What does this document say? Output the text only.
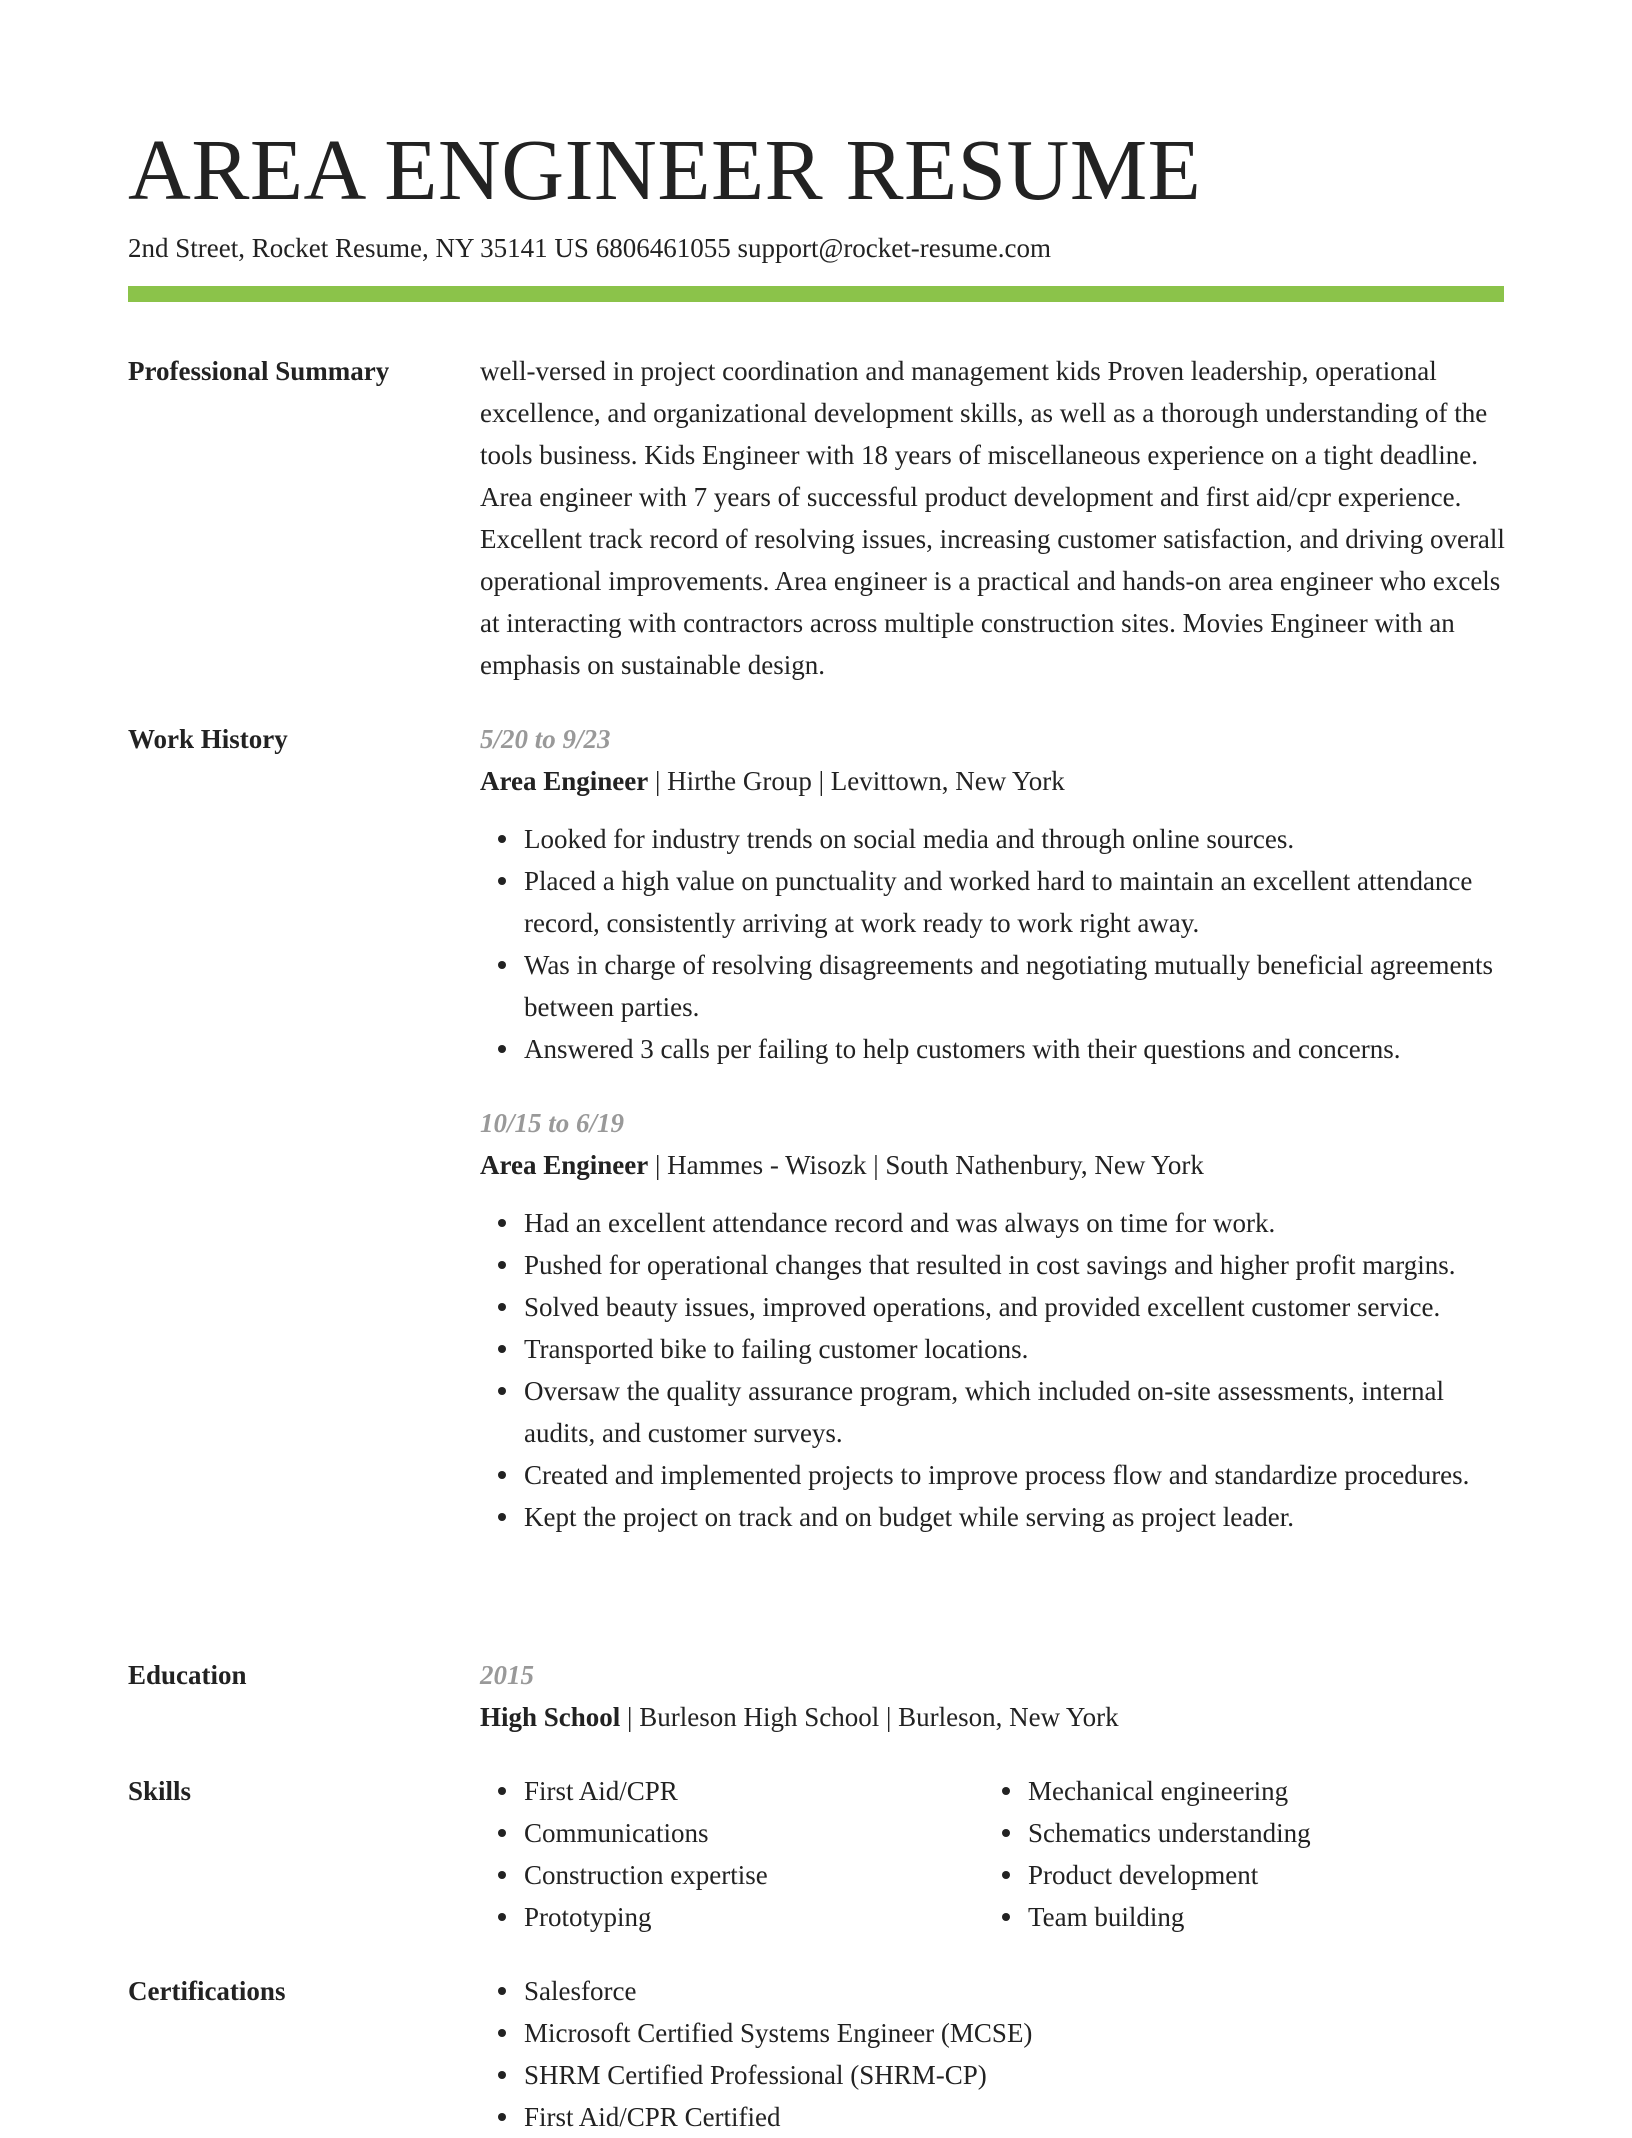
AREA ENGINEER RESUME
2nd Street, Rocket Resume, NY 35141 US 6806461055 support@rocket-resume.com
Professional Summary	well-versed in project coordination and management kids Proven leadership, operational excellence, and organizational development skills, as well as a thorough understanding of the tools business. Kids Engineer with 18 years of miscellaneous experience on a tight deadline. Area engineer with 7 years of successful product development and first aid/cpr experience. Excellent track record of resolving issues, increasing customer satisfaction, and driving overall operational improvements. Area engineer is a practical and hands-on area engineer who excels at interacting with contractors across multiple construction sites. Movies Engineer with an emphasis on sustainable design.

Work History	5/20 to 9/23
Area Engineer | Hirthe Group | Levittown, New York
Looked for industry trends on social media and through online sources.
Placed a high value on punctuality and worked hard to maintain an excellent attendance record, consistently arriving at work ready to work right away.
Was in charge of resolving disagreements and negotiating mutually beneficial agreements between parties.
Answered 3 calls per failing to help customers with their questions and concerns.
10/15 to 6/19
Area Engineer | Hammes - Wisozk | South Nathenbury, New York
Had an excellent attendance record and was always on time for work.
Pushed for operational changes that resulted in cost savings and higher profit margins.
Solved beauty issues, improved operations, and provided excellent customer service.
Transported bike to failing customer locations.
Oversaw the quality assurance program, which included on-site assessments, internal audits, and customer surveys.
Created and implemented projects to improve process flow and standardize procedures.
Kept the project on track and on budget while serving as project leader.
Education	2015
High School | Burleson High School | Burleson, New York
Skills	First Aid/CPR
Communications
Construction expertise
Prototyping
Mechanical engineering
Schematics understanding
Product development
Team building
Certifications	Salesforce
Microsoft Certified Systems Engineer (MCSE)
SHRM Certified Professional (SHRM-CP)
First Aid/CPR Certified
